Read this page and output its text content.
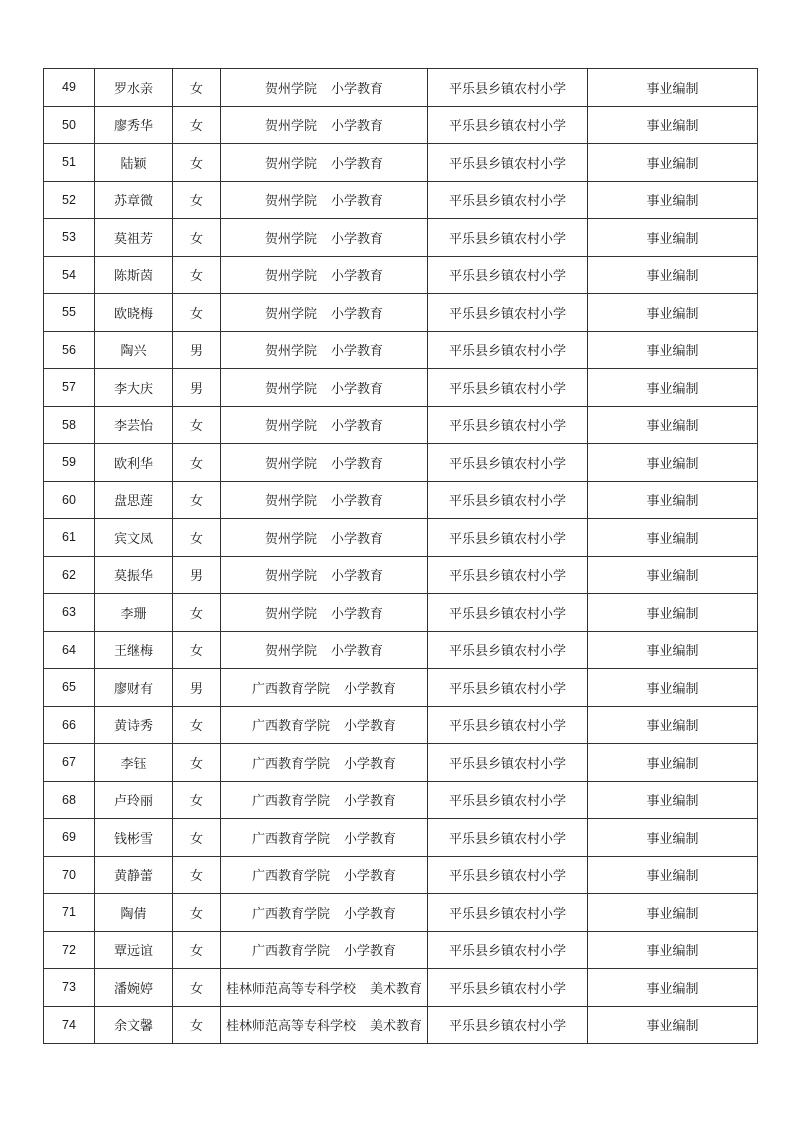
49	罗水亲	女	贺州学院 小学教育	平乐县乡镇农村小学	事业编制
50	廖秀华	女	贺州学院 小学教育	平乐县乡镇农村小学	事业编制
51	陆颖	女	贺州学院 小学教育	平乐县乡镇农村小学	事业编制
52	苏章微	女	贺州学院 小学教育	平乐县乡镇农村小学	事业编制
53	莫祖芳	女	贺州学院 小学教育	平乐县乡镇农村小学	事业编制
54	陈斯茵	女	贺州学院 小学教育	平乐县乡镇农村小学	事业编制
55	欧晓梅	女	贺州学院 小学教育	平乐县乡镇农村小学	事业编制
56	陶兴	男	贺州学院 小学教育	平乐县乡镇农村小学	事业编制
57	李大庆	男	贺州学院 小学教育	平乐县乡镇农村小学	事业编制
58	李芸怡	女	贺州学院 小学教育	平乐县乡镇农村小学	事业编制
59	欧利华	女	贺州学院 小学教育	平乐县乡镇农村小学	事业编制
60	盘思莲	女	贺州学院 小学教育	平乐县乡镇农村小学	事业编制
61	宾文凤	女	贺州学院 小学教育	平乐县乡镇农村小学	事业编制
62	莫振华	男	贺州学院 小学教育	平乐县乡镇农村小学	事业编制
63	李珊	女	贺州学院 小学教育	平乐县乡镇农村小学	事业编制
64	王继梅	女	贺州学院 小学教育	平乐县乡镇农村小学	事业编制
65	廖财有	男	广西教育学院 小学教育	平乐县乡镇农村小学	事业编制
66	黄诗秀	女	广西教育学院 小学教育	平乐县乡镇农村小学	事业编制
67	李钰	女	广西教育学院 小学教育	平乐县乡镇农村小学	事业编制
68	卢玲丽	女	广西教育学院 小学教育	平乐县乡镇农村小学	事业编制
69	钱彬雪	女	广西教育学院 小学教育	平乐县乡镇农村小学	事业编制
70	黄静蕾	女	广西教育学院 小学教育	平乐县乡镇农村小学	事业编制
71	陶倩	女	广西教育学院 小学教育	平乐县乡镇农村小学	事业编制
72	覃远谊	女	广西教育学院 小学教育	平乐县乡镇农村小学	事业编制
73	潘婉婷	女	桂林师范高等专科学校 美术教育	平乐县乡镇农村小学	事业编制
74	余文馨	女	桂林师范高等专科学校 美术教育	平乐县乡镇农村小学	事业编制
